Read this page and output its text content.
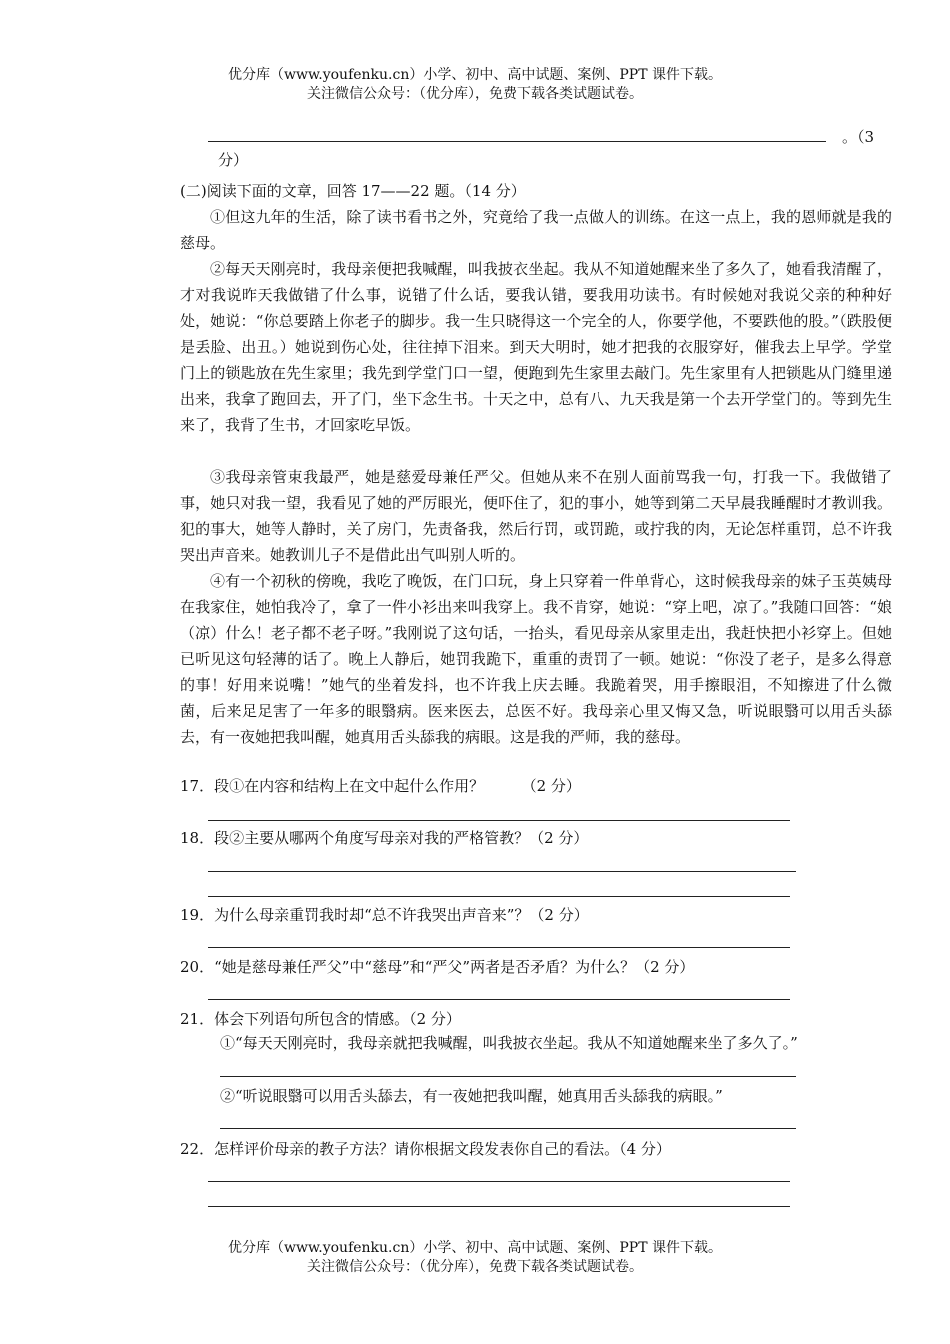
优分库（www.youfenku.cn）小学、初中、高中试题、案例、PPT 课件下载。
关注微信公众号：（优分库），免费下载各类试题试卷。
。（3
分）
(二)阅读下面的文章，回答 17——22 题。（14 分）
①但这九年的生活，除了读书看书之外，究竟给了我一点做人的训练。在这一点上，我的恩师就是我的慈母。
②每天天刚亮时，我母亲便把我喊醒，叫我披衣坐起。我从不知道她醒来坐了多久了，她看我清醒了，才对我说昨天我做错了什么事，说错了什么话，要我认错，要我用功读书。有时候她对我说父亲的种种好处，她说：“你总要踏上你老子的脚步。我一生只晓得这一个完全的人，你要学他，不要跌他的股。”（跌股便是丢脸、出丑。）她说到伤心处，往往掉下泪来。到天大明时，她才把我的衣服穿好，催我去上早学。学堂门上的锁匙放在先生家里；我先到学堂门口一望，便跑到先生家里去敲门。先生家里有人把锁匙从门缝里递出来，我拿了跑回去，开了门，坐下念生书。十天之中，总有八、九天我是第一个去开学堂门的。等到先生来了，我背了生书，才回家吃早饭。
③我母亲管束我最严，她是慈爱母兼任严父。但她从来不在别人面前骂我一句，打我一下。我做错了事，她只对我一望，我看见了她的严厉眼光，便吓住了，犯的事小，她等到第二天早晨我睡醒时才教训我。犯的事大，她等人静时，关了房门，先责备我，然后行罚，或罚跪，或拧我的肉，无论怎样重罚，总不许我哭出声音来。她教训儿子不是借此出气叫别人听的。
④有一个初秋的傍晚，我吃了晚饭，在门口玩，身上只穿着一件单背心，这时候我母亲的妹子玉英姨母在我家住，她怕我冷了，拿了一件小衫出来叫我穿上。我不肯穿，她说：“穿上吧，凉了。”我随口回答：“娘（凉）什么！老子都不老子呀。”我刚说了这句话，一抬头，看见母亲从家里走出，我赶快把小衫穿上。但她已听见这句轻薄的话了。晚上人静后，她罚我跪下，重重的责罚了一顿。她说：“你没了老子，是多么得意的事！好用来说嘴！”她气的坐着发抖，也不许我上庆去睡。我跪着哭，用手擦眼泪，不知擦进了什么微菌，后来足足害了一年多的眼翳病。医来医去，总医不好。我母亲心里又悔又急，听说眼翳可以用舌头舔去，有一夜她把我叫醒，她真用舌头舔我的病眼。这是我的严师，我的慈母。
17．段①在内容和结构上在文中起什么作用？　　　（2 分）
18．段②主要从哪两个角度写母亲对我的严格管教？（2 分）
19．为什么母亲重罚我时却“总不许我哭出声音来”？（2 分）
20．“她是慈母兼任严父”中“慈母”和“严父”两者是否矛盾？为什么？（2 分）
21．体会下列语句所包含的情感。（2 分）
①“每天天刚亮时，我母亲就把我喊醒，叫我披衣坐起。我从不知道她醒来坐了多久了。”
②“听说眼翳可以用舌头舔去，有一夜她把我叫醒，她真用舌头舔我的病眼。”
22．怎样评价母亲的教子方法？请你根据文段发表你自己的看法。（4 分）
优分库（www.youfenku.cn）小学、初中、高中试题、案例、PPT 课件下载。
关注微信公众号：（优分库），免费下载各类试题试卷。
